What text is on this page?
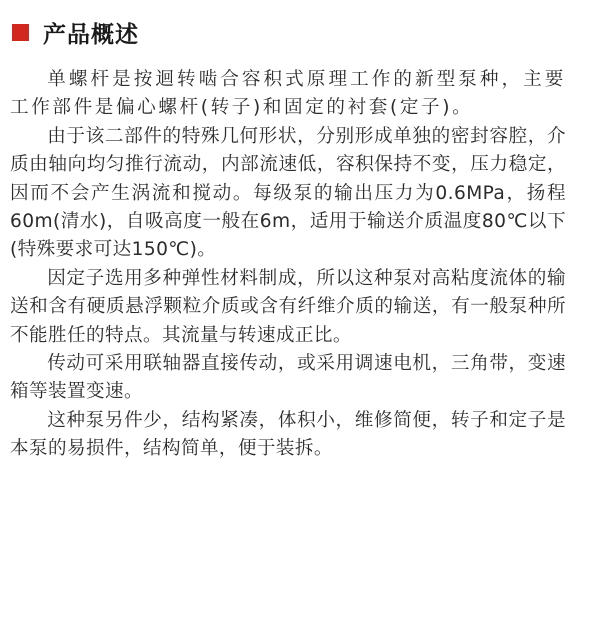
产品概述

单螺杆是按迴转啮合容积式原理工作的新型泵种，主要工作部件是偏心螺杆(转子)和固定的衬套(定子)。

由于该二部件的特殊几何形状，分别形成单独的密封容腔，介质由轴向均匀推行流动，内部流速低，容积保持不变，压力稳定，因而不会产生涡流和搅动。每级泵的输出压力为0.6MPa，扬程60m(清水)，自吸高度一般在6m，适用于输送介质温度80℃以下(特殊要求可达150℃)。

因定子选用多种弹性材料制成，所以这种泵对高粘度流体的输送和含有硬质悬浮颗粒介质或含有纤维介质的输送，有一般泵种所不能胜任的特点。其流量与转速成正比。

传动可采用联轴器直接传动，或采用调速电机，三角带，变速箱等装置变速。

这种泵另件少，结构紧凑，体积小，维修简便，转子和定子是本泵的易损件，结构简单，便于装拆。
